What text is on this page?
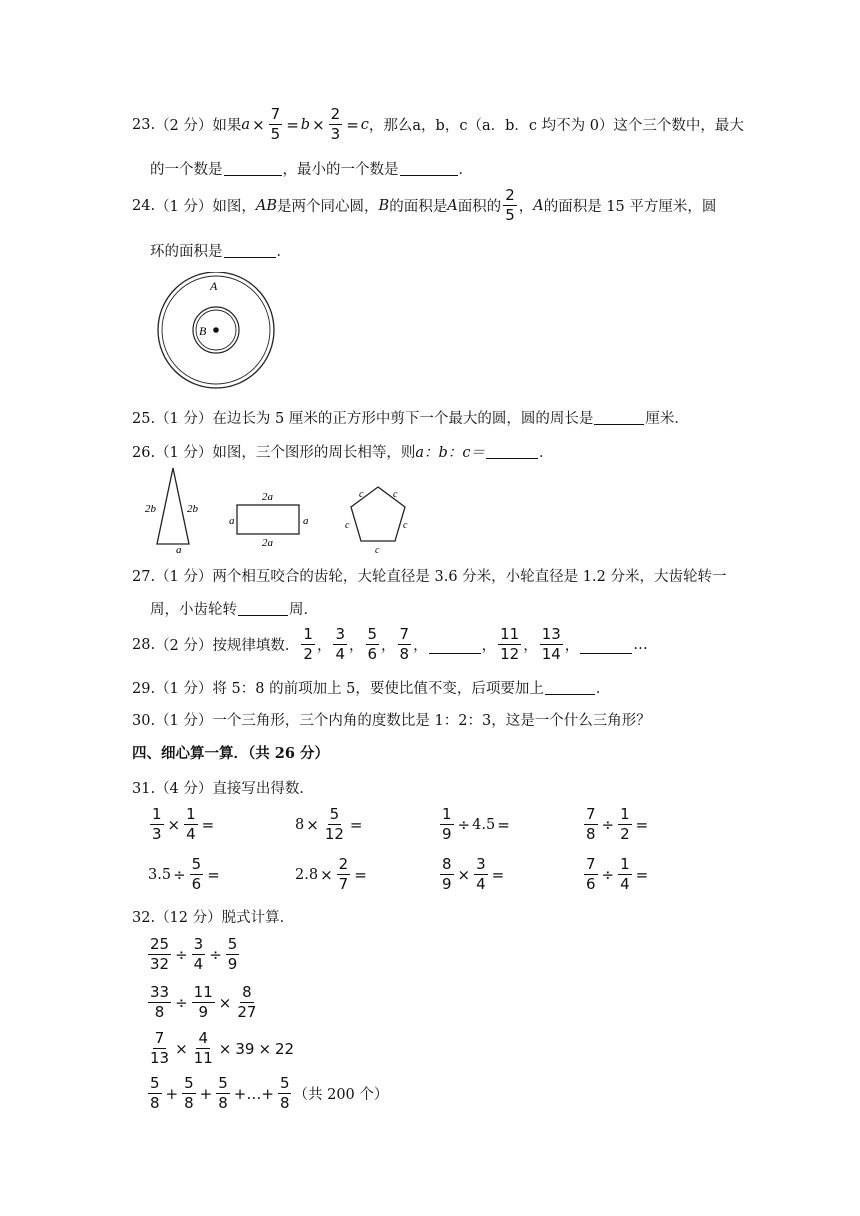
23. （2 分） 如果 $a \times \frac{7}{5} = b \times \frac{2}{3} = c$ ，那么 a，b，c（a．b．c 均不为 0）这个三个数中，最大
的一个数是	，最小的一个数是	．
24. （1 分） 如图， AB 是两个同心圆， B 的面积是 A 面积的 $\frac{2}{5}$ ， A 的面积是 15 平方厘米，圆
环的面积是	．
A
B
25.（1 分）在边长为 5 厘米的正方形中剪下一个最大的圆，圆的周长是	厘米．
26.（1 分）如图，三个图形的周长相等，则a：b：c＝	．
2b	2b
a
2a
2a
a	a
c	c
c	c
c
27.（1 分）两个相互咬合的齿轮，大轮直径是 3.6 分米，小轮直径是 1.2 分米，大齿轮转一
周，小齿轮转	周．
28. （2 分） 按规律填数． $\frac{1}{2}$ ， $\frac{3}{4}$ ， $\frac{5}{6}$ ， $\frac{7}{8}$ ，	， $\frac{11}{12}$ ， $\frac{13}{14}$ ，	…
29.（1 分）将 5：8 的前项加上 5，要使比值不变，后项要加上	．
30.（1 分）一个三角形，三个内角的度数比是 1：2：3，这是一个什么三角形？
四、细心算一算．（共 26 分）
31.（4 分）直接写出得数．
$\frac{1}{3} \times \frac{1}{4}$ =	$8 \times \frac{5}{12}$ =	$\frac{1}{9} \div 4.5$ =	$\frac{7}{8} \div \frac{1}{2}$ =
$3.5 \div \frac{5}{6}$ =	$2.8 \times \frac{2}{7}$ =	$\frac{8}{9} \times \frac{3}{4}$ =	$\frac{7}{6} \div \frac{1}{4}$ =
32.（12 分）脱式计算．
$\frac{25}{32} \div \frac{3}{4} \div \frac{5}{9}$
$\frac{33}{8} \div \frac{11}{9} \times \frac{8}{27}$
$\frac{7}{13} \times \frac{4}{11} \times 39 \times 22$
$\frac{5}{8} + \frac{5}{8} + \frac{5}{8}$ +…+ $\frac{5}{8}$ （共 200 个）
